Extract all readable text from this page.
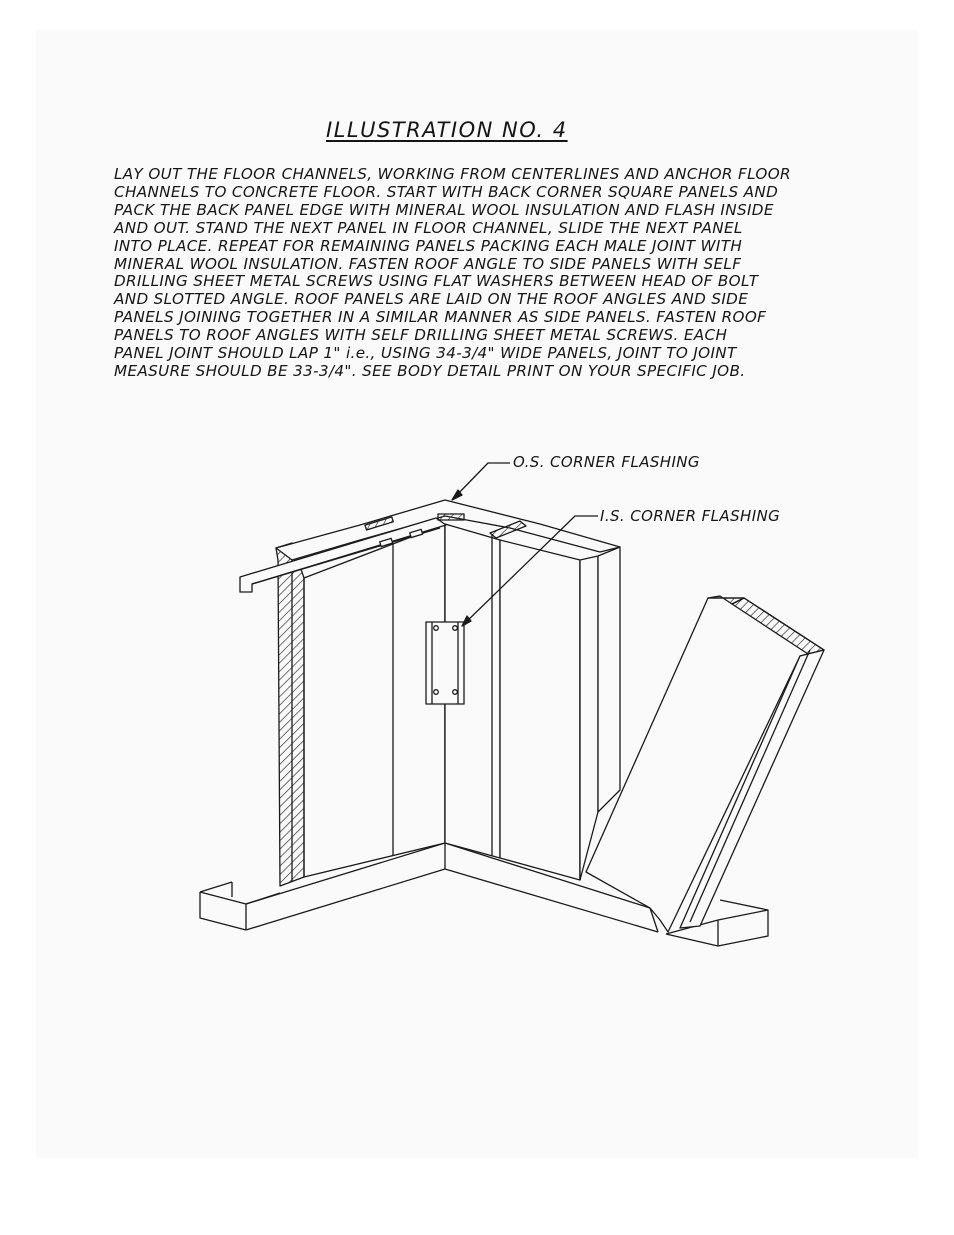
ILLUSTRATION NO. 4
LAY OUT THE FLOOR CHANNELS, WORKING FROM CENTERLINES AND ANCHOR FLOOR
CHANNELS TO CONCRETE FLOOR. START WITH BACK CORNER SQUARE PANELS AND
PACK THE BACK PANEL EDGE WITH MINERAL WOOL INSULATION AND FLASH INSIDE
AND OUT. STAND THE NEXT PANEL IN FLOOR CHANNEL, SLIDE THE NEXT PANEL
INTO PLACE. REPEAT FOR REMAINING PANELS PACKING EACH MALE JOINT WITH
MINERAL WOOL INSULATION. FASTEN ROOF ANGLE TO SIDE PANELS WITH SELF
DRILLING SHEET METAL SCREWS USING FLAT WASHERS BETWEEN HEAD OF BOLT
AND SLOTTED ANGLE. ROOF PANELS ARE LAID ON THE ROOF ANGLES AND SIDE
PANELS JOINING TOGETHER IN A SIMILAR MANNER AS SIDE PANELS. FASTEN ROOF
PANELS TO ROOF ANGLES WITH SELF DRILLING SHEET METAL SCREWS. EACH
PANEL JOINT SHOULD LAP 1" i.e., USING 34-3/4" WIDE PANELS, JOINT TO JOINT
MEASURE SHOULD BE 33-3/4". SEE BODY DETAIL PRINT ON YOUR SPECIFIC JOB.
O.S. CORNER FLASHING
I.S. CORNER FLASHING
